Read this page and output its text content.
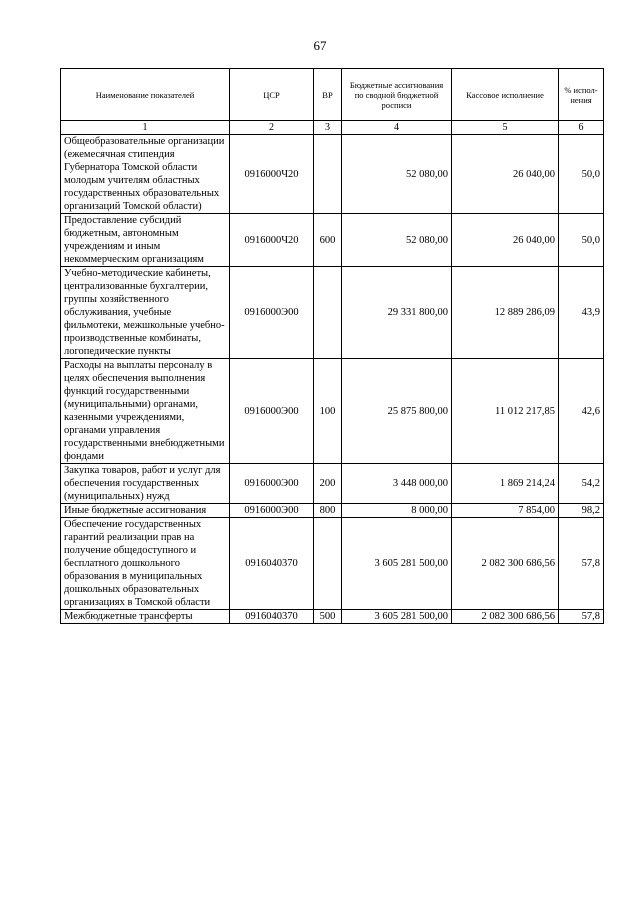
67
Наименование показателей	ЦСР	ВР	Бюджетные ассигнования по сводной бюджетной росписи	Кассовое исполнение	% испол- нения
1	2	3	4	5	6
Общеобразовательные организации (ежемесячная стипендия Губернатора Томской области молодым учителям областных государственных образовательных организаций Томской области)	0916000Ч20		52 080,00	26 040,00	50,0
Предоставление субсидий бюджетным, автономным учреждениям и иным некоммерческим организациям	0916000Ч20	600	52 080,00	26 040,00	50,0
Учебно-методические кабинеты, централизованные бухгалтерии, группы хозяйственного обслуживания, учебные фильмотеки, межшкольные учебно-производственные комбинаты, логопедические пункты	0916000Э00		29 331 800,00	12 889 286,09	43,9
Расходы на выплаты персоналу в целях обеспечения выполнения функций государственными (муниципальными) органами, казенными учреждениями, органами управления государственными внебюджетными фондами	0916000Э00	100	25 875 800,00	11 012 217,85	42,6
Закупка товаров, работ и услуг для обеспечения государственных (муниципальных) нужд	0916000Э00	200	3 448 000,00	1 869 214,24	54,2
Иные бюджетные ассигнования	0916000Э00	800	8 000,00	7 854,00	98,2
Обеспечение государственных гарантий реализации прав на получение общедоступного и бесплатного дошкольного образования в муниципальных дошкольных образовательных организациях в Томской области	0916040370		3 605 281 500,00	2 082 300 686,56	57,8
Межбюджетные трансферты	0916040370	500	3 605 281 500,00	2 082 300 686,56	57,8
